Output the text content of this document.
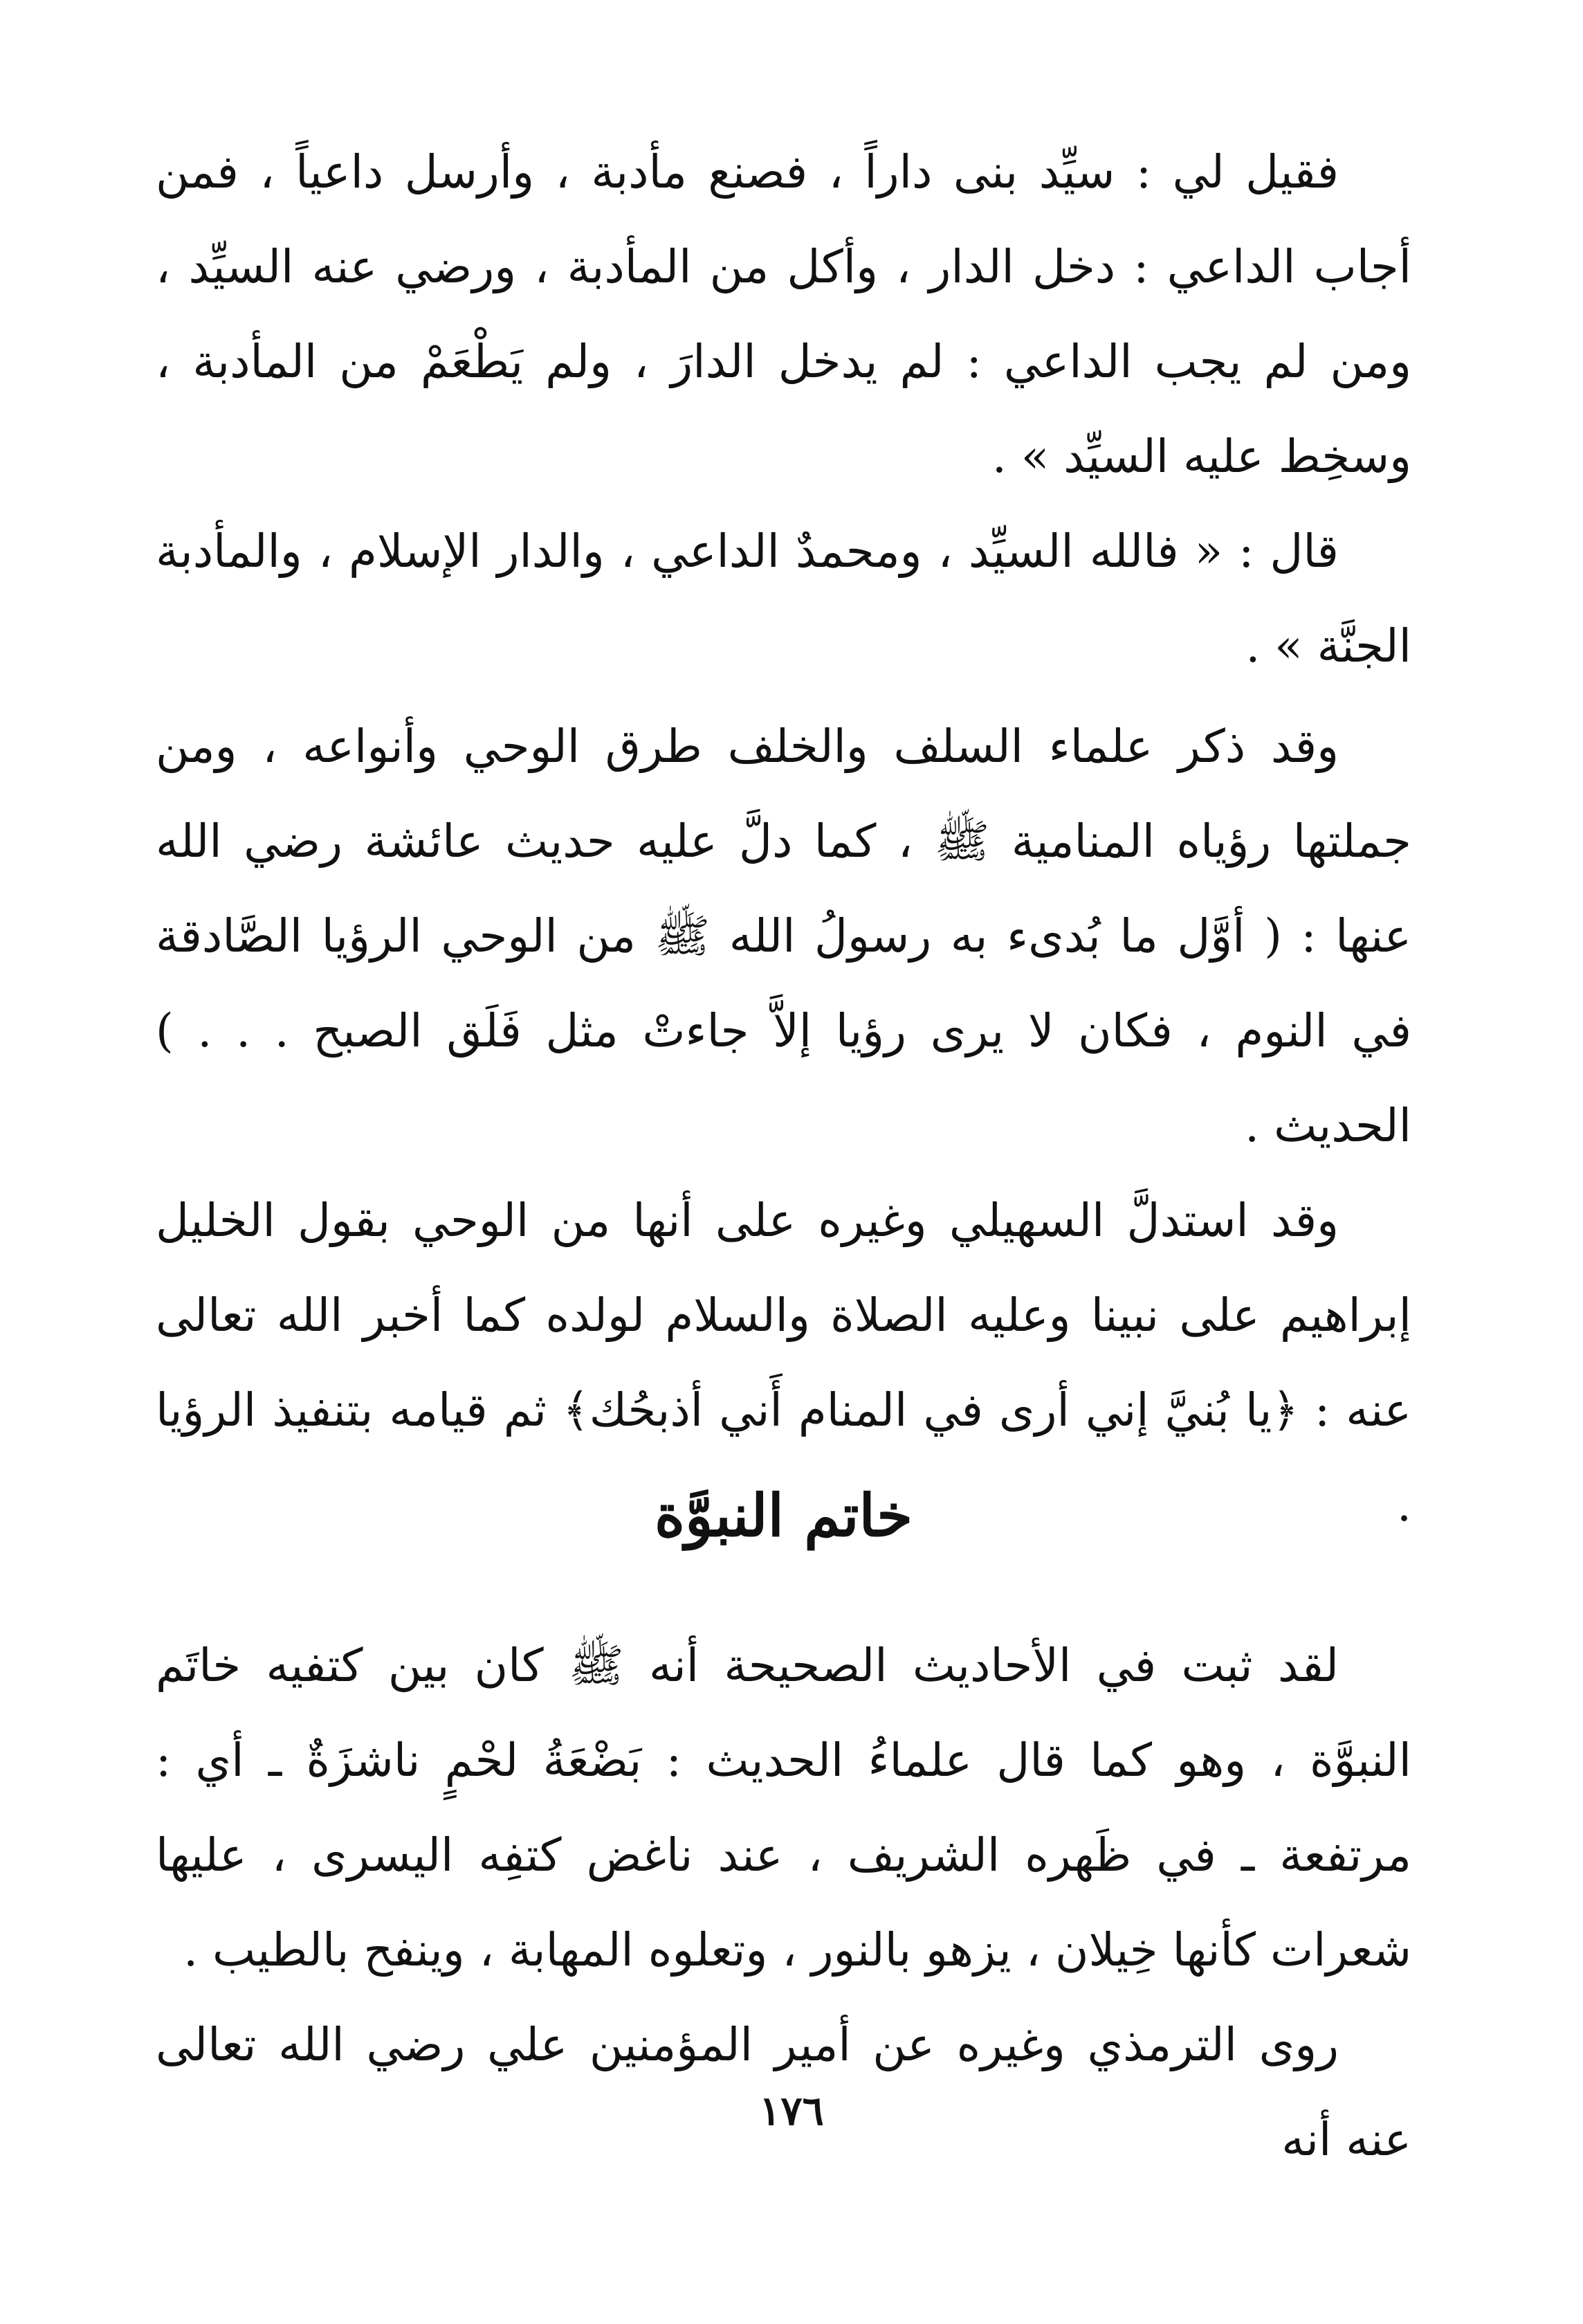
فقيل لي : سيِّد بنى داراً ، فصنع مأدبة ، وأرسل داعياً ، فمن أجاب الداعي : دخل الدار ، وأكل من المأدبة ، ورضي عنه السيِّد ، ومن لم يجب الداعي : لم يدخل الدارَ ، ولم يَطْعَمْ من المأدبة ، وسخِط عليه السيِّد » .

قال : « فالله السيِّد ، ومحمدٌ الداعي ، والدار الإسلام ، والمأدبة الجنَّة » .

وقد ذكر علماء السلف والخلف طرق الوحي وأنواعه ، ومن جملتها رؤياه المنامية ﷺ ، كما دلَّ عليه حديث عائشة رضي الله عنها : ( أوَّل ما بُدىء به رسولُ الله ﷺ من الوحي الرؤيا الصَّادقة في النوم ، فكان لا يرى رؤيا إلاَّ جاءتْ مثل فَلَق الصبح . . . ) الحديث .

وقد استدلَّ السهيلي وغيره على أنها من الوحي بقول الخليل إبراهيم على نبينا وعليه الصلاة والسلام لولده كما أخبر الله تعالى عنه : ﴿يا بُنيَّ إني أرى في المنام أَني أذبحُك﴾ ثم قيامه بتنفيذ الرؤيا .

خاتم النبوَّة

لقد ثبت في الأحاديث الصحيحة أنه ﷺ كان بين كتفيه خاتَم النبوَّة ، وهو كما قال علماءُ الحديث : بَضْعَةُ لحْمٍ ناشزَةٌ ـ أي : مرتفعة ـ في ظَهره الشريف ، عند ناغض كتفِه اليسرى ، عليها شعرات كأنها خِيلان ، يزهو بالنور ، وتعلوه المهابة ، وينفح بالطيب .

روى الترمذي وغيره عن أمير المؤمنين علي رضي الله تعالى عنه أنه

١٧٦
